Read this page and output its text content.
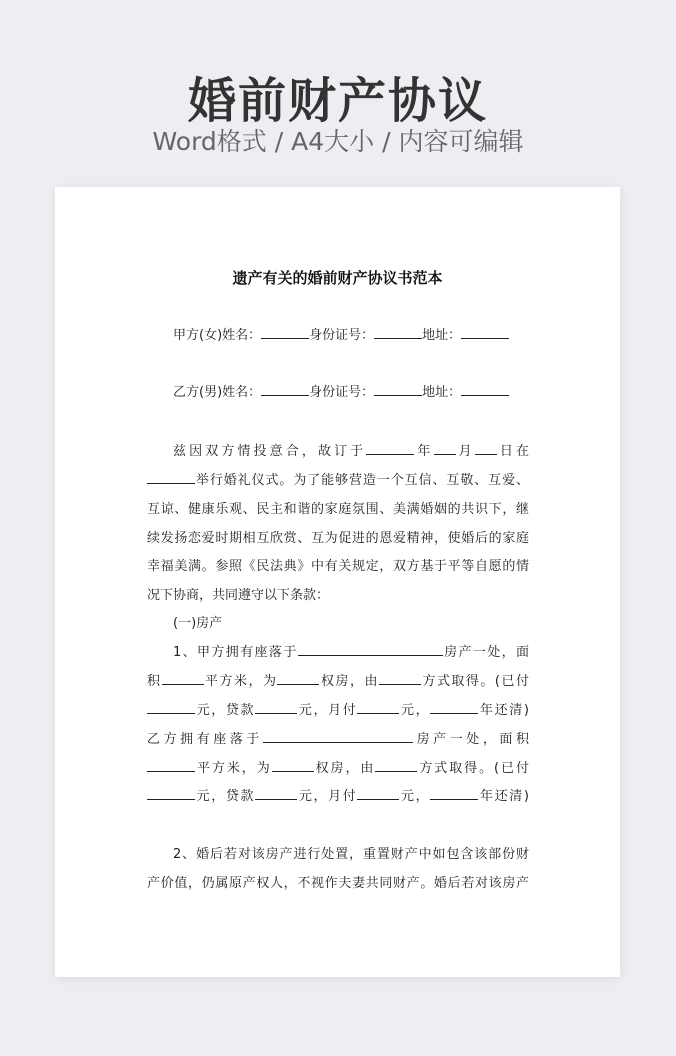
婚前财产协议
Word格式 / A4大小 / 内容可编辑
遗产有关的婚前财产协议书范本
甲方(女)姓名：	身份证号：	地址：
乙方(男)姓名：	身份证号：	地址：
兹因双方情投意合，故订于	年 月 日在
举行婚礼仪式。为了能够营造一个互信、互敬、互爱、
互谅、健康乐观、民主和谐的家庭氛围、美满婚姻的共识下，继
续发扬恋爱时期相互欣赏、互为促进的恩爱精神，使婚后的家庭
幸福美满。参照《民法典》中有关规定，双方基于平等自愿的情
况下协商，共同遵守以下条款：
(一)房产
1、甲方拥有座落于	房产一处，面
积	平方米，为	权房，由	方式取得。(已付
元，贷款	元，月付	元，	年还清)
乙方拥有座落于	房产一处，面积
平方米，为	权房，由	方式取得。(已付
元，贷款	元，月付	元，	年还清)
2、婚后若对该房产进行处置，重置财产中如包含该部份财
产价值，仍属原产权人，不视作夫妻共同财产。婚后若对该房产
